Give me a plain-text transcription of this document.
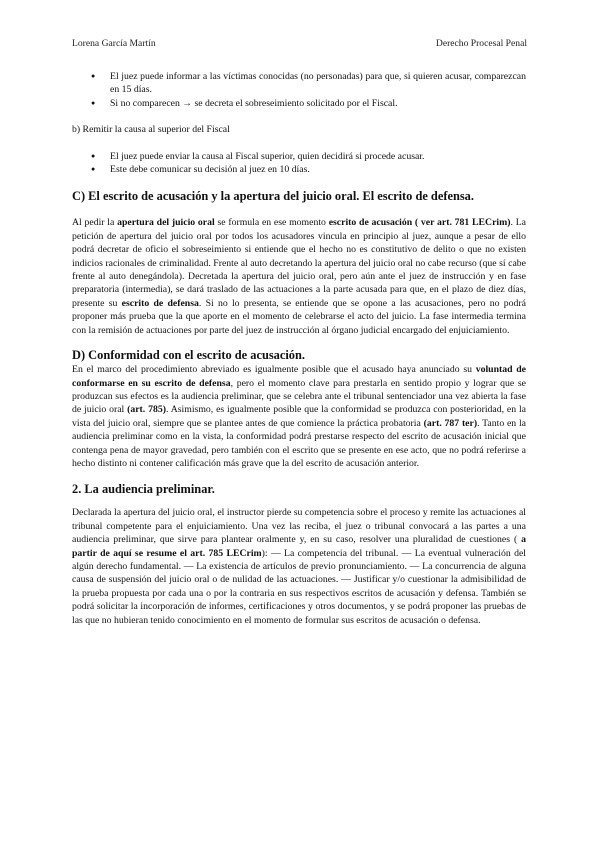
Lorena García Martín	Derecho Procesal Penal
● El juez puede informar a las víctimas conocidas (no personadas) para que, si quieren acusar, comparezcan en 15 días.
● Si no comparecen → se decreta el sobreseimiento solicitado por el Fiscal.

b) Remitir la causa al superior del Fiscal

● El juez puede enviar la causa al Fiscal superior, quien decidirá si procede acusar.
● Este debe comunicar su decisión al juez en 10 días.
C) El escrito de acusación y la apertura del juicio oral. El escrito de defensa.

Al pedir la apertura del juicio oral se formula en ese momento escrito de acusación ( ver art. 781 LECrim). La petición de apertura del juicio oral por todos los acusadores vincula en principio al juez, aunque a pesar de ello podrá decretar de oficio el sobreseimiento si entiende que el hecho no es constitutivo de delito o que no existen indicios racionales de criminalidad. Frente al auto decretando la apertura del juicio oral no cabe recurso (que sí cabe frente al auto denegándola). Decretada la apertura del juicio oral, pero aún ante el juez de instrucción y en fase preparatoria (intermedia), se dará traslado de las actuaciones a la parte acusada para que, en el plazo de diez días, presente su escrito de defensa. Si no lo presenta, se entiende que se opone a las acusaciones, pero no podrá proponer más prueba que la que aporte en el momento de celebrarse el acto del juicio. La fase intermedia termina con la remisión de actuaciones por parte del juez de instrucción al órgano judicial encargado del enjuiciamiento.

D) Conformidad con el escrito de acusación.

En el marco del procedimiento abreviado es igualmente posible que el acusado haya anunciado su voluntad de conformarse en su escrito de defensa, pero el momento clave para prestarla en sentido propio y lograr que se produzcan sus efectos es la audiencia preliminar, que se celebra ante el tribunal sentenciador una vez abierta la fase de juicio oral (art. 785). Asimismo, es igualmente posible que la conformidad se produzca con posterioridad, en la vista del juicio oral, siempre que se plantee antes de que comience la práctica probatoria (art. 787 ter). Tanto en la audiencia preliminar como en la vista, la conformidad podrá prestarse respecto del escrito de acusación inicial que contenga pena de mayor gravedad, pero también con el escrito que se presente en ese acto, que no podrá referirse a hecho distinto ni contener calificación más grave que la del escrito de acusación anterior.

2. La audiencia preliminar.

Declarada la apertura del juicio oral, el instructor pierde su competencia sobre el proceso y remite las actuaciones al tribunal competente para el enjuiciamiento. Una vez las reciba, el juez o tribunal convocará a las partes a una audiencia preliminar, que sirve para plantear oralmente y, en su caso, resolver una pluralidad de cuestiones ( a partir de aquí se resume el art. 785 LECrim): — La competencia del tribunal. — La eventual vulneración del algún derecho fundamental. — La existencia de artículos de previo pronunciamiento. — La concurrencia de alguna causa de suspensión del juicio oral o de nulidad de las actuaciones. — Justificar y/o cuestionar la admisibilidad de la prueba propuesta por cada una o por la contraria en sus respectivos escritos de acusación y defensa. También se podrá solicitar la incorporación de informes, certificaciones y otros documentos, y se podrá proponer las pruebas de las que no hubieran tenido conocimiento en el momento de formular sus escritos de acusación o defensa.
